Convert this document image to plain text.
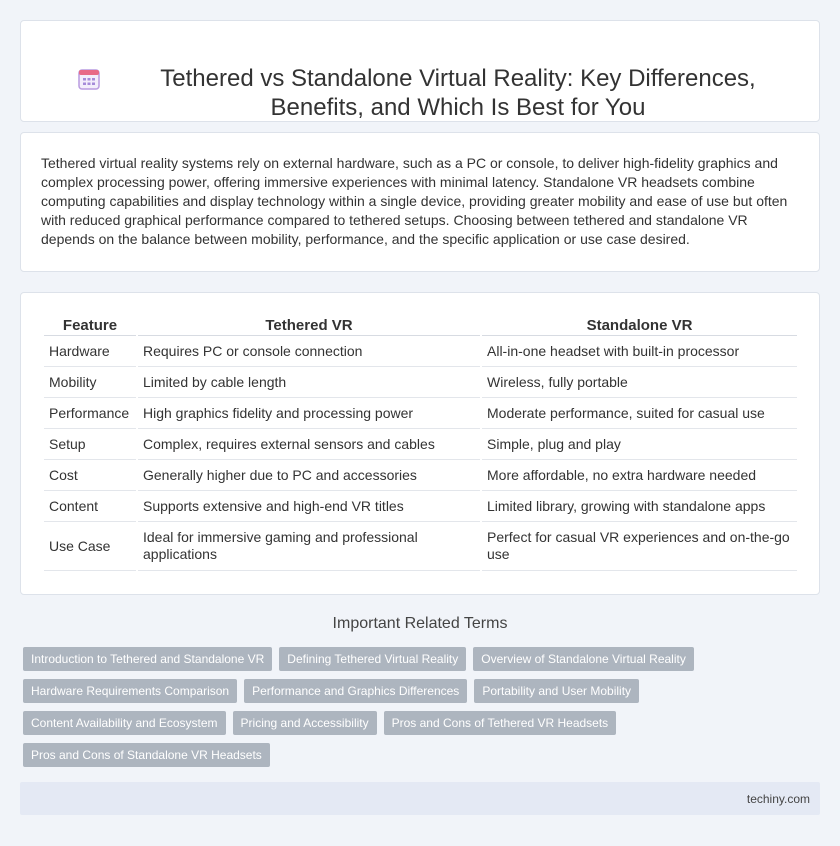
Tethered vs Standalone Virtual Reality: Key Differences, Benefits, and Which Is Best for You

Tethered virtual reality systems rely on external hardware, such as a PC or console, to deliver high-fidelity graphics and complex processing power, offering immersive experiences with minimal latency. Standalone VR headsets combine computing capabilities and display technology within a single device, providing greater mobility and ease of use but often with reduced graphical performance compared to tethered setups. Choosing between tethered and standalone VR depends on the balance between mobility, performance, and the specific application or use case desired.

Feature	Tethered VR	Standalone VR
Hardware	Requires PC or console connection	All-in-one headset with built-in processor
Mobility	Limited by cable length	Wireless, fully portable
Performance	High graphics fidelity and processing power	Moderate performance, suited for casual use
Setup	Complex, requires external sensors and cables	Simple, plug and play
Cost	Generally higher due to PC and accessories	More affordable, no extra hardware needed
Content	Supports extensive and high-end VR titles	Limited library, growing with standalone apps
Use Case	Ideal for immersive gaming and professional applications	Perfect for casual VR experiences and on-the-go use
Important Related Terms
Introduction to Tethered and Standalone VR	Defining Tethered Virtual Reality	Overview of Standalone Virtual Reality
Hardware Requirements Comparison	Performance and Graphics Differences	Portability and User Mobility
Content Availability and Ecosystem	Pricing and Accessibility	Pros and Cons of Tethered VR Headsets
Pros and Cons of Standalone VR Headsets
techiny.com
